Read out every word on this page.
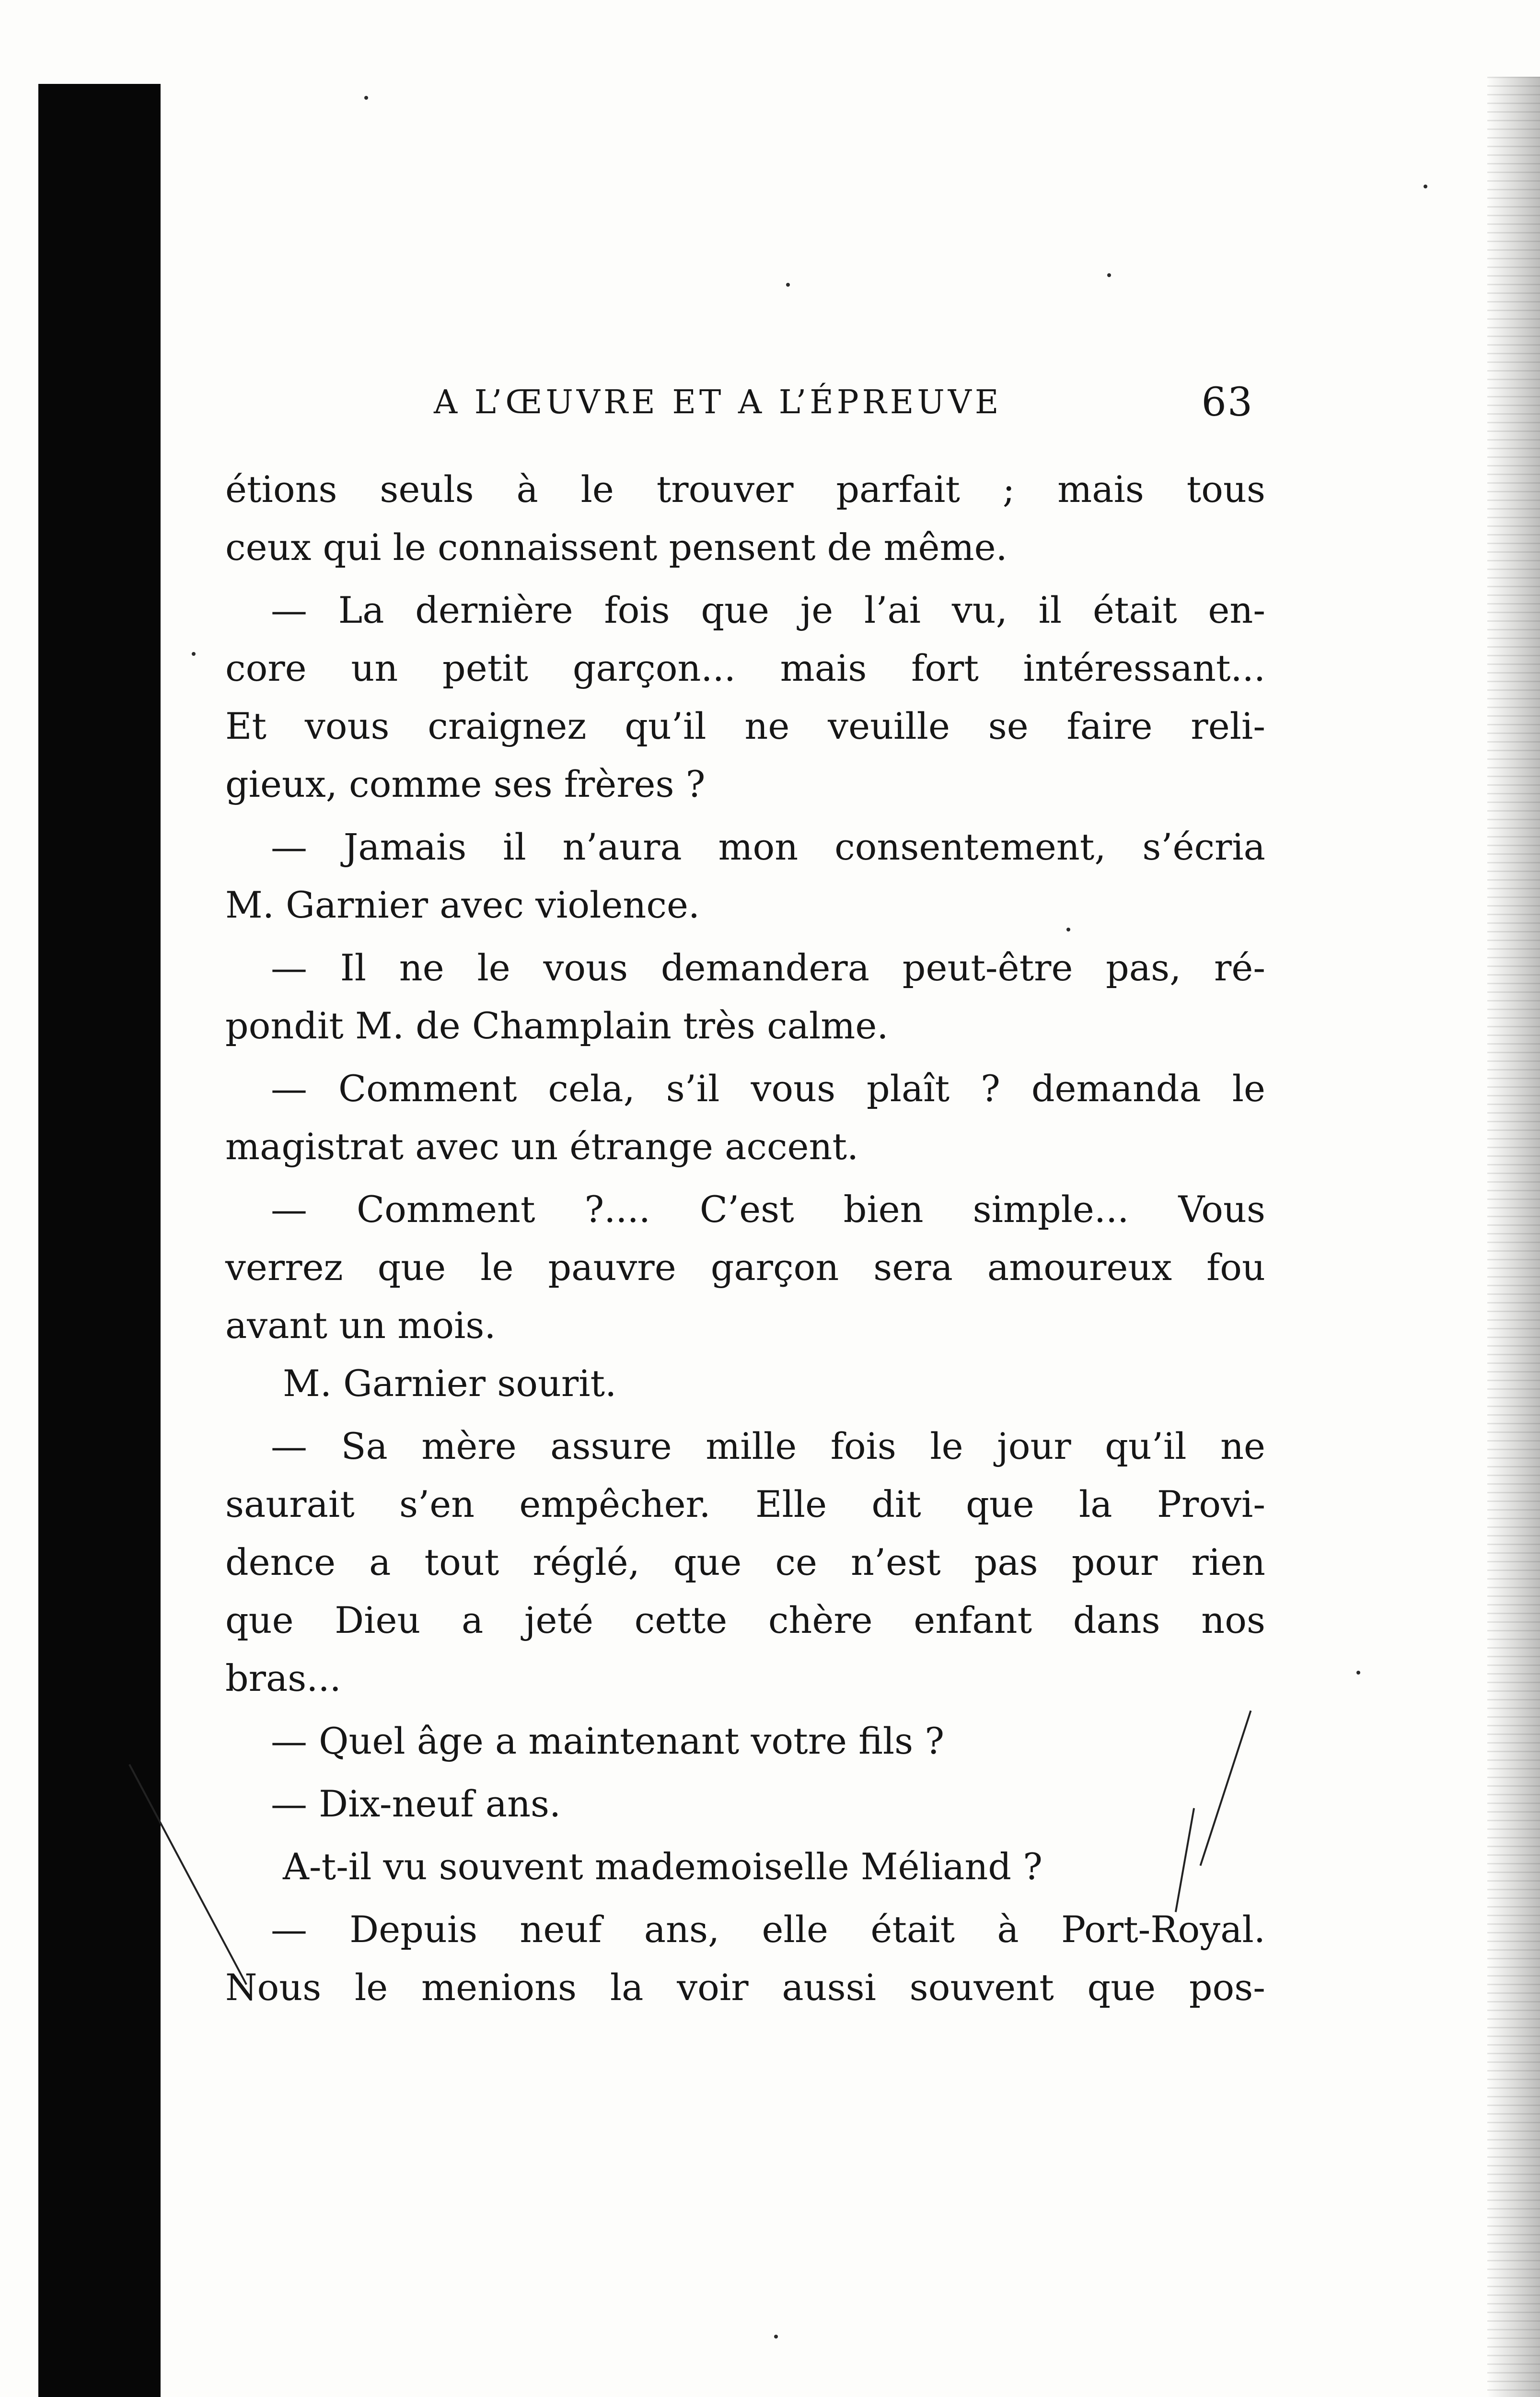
A L’ŒUVRE ET A L’ÉPREUVE	63
étions seuls à le trouver parfait ; mais tous
ceux qui le connaissent pensent de même.
— La dernière fois que je l’ai vu, il était en-
core un petit garçon... mais fort intéressant...
Et vous craignez qu’il ne veuille se faire reli-
gieux, comme ses frères ?
— Jamais il n’aura mon consentement, s’écria
M. Garnier avec violence.
— Il ne le vous demandera peut-être pas, ré-
pondit M. de Champlain très calme.
— Comment cela, s’il vous plaît ? demanda le
magistrat avec un étrange accent.
— Comment ?.... C’est bien simple... Vous
verrez que le pauvre garçon sera amoureux fou
avant un mois.
M. Garnier sourit.
— Sa mère assure mille fois le jour qu’il ne
saurait s’en empêcher. Elle dit que la Provi-
dence a tout réglé, que ce n’est pas pour rien
que Dieu a jeté cette chère enfant dans nos
bras...
— Quel âge a maintenant votre fils ?
— Dix-neuf ans.
A-t-il vu souvent mademoiselle Méliand ?
— Depuis neuf ans, elle était à Port-Royal.
Nous le menions la voir aussi souvent que pos-
